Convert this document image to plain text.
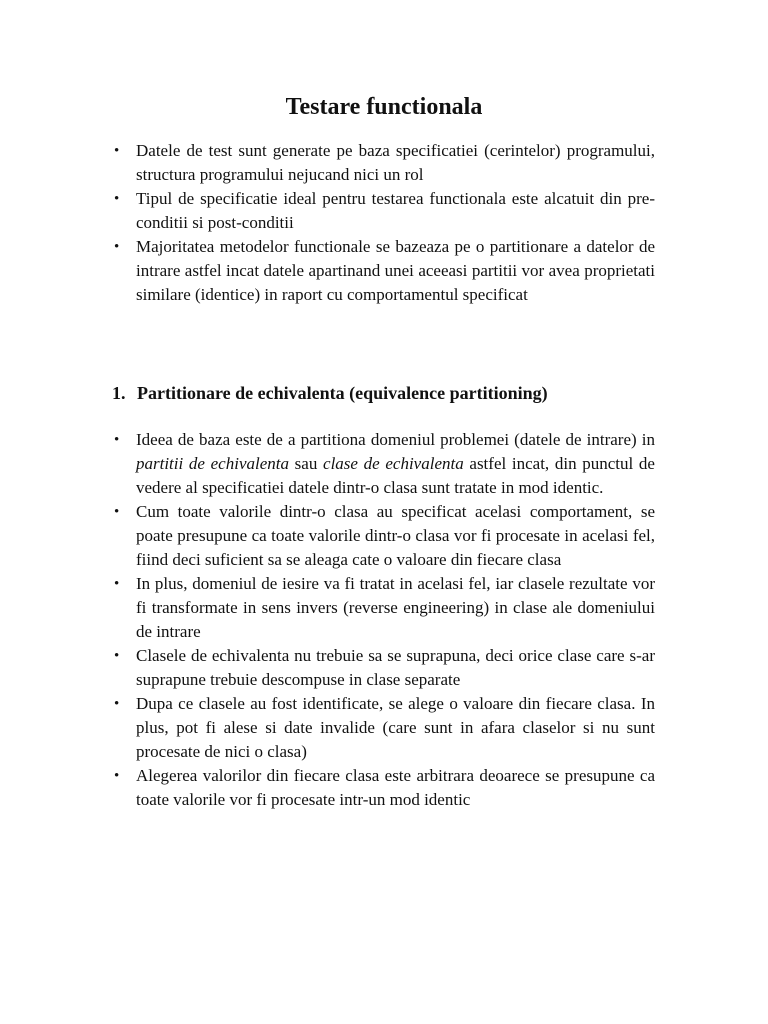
Testare functionala
• Datele de test sunt generate pe baza specificatiei (cerintelor) programului, structura programului nejucand nici un rol
• Tipul de specificatie ideal pentru testarea functionala este alcatuit din pre-conditii si post-conditii
• Majoritatea metodelor functionale se bazeaza pe o partitionare a datelor de intrare astfel incat datele apartinand unei aceeasi partitii vor avea proprietati similare (identice) in raport cu comportamentul specificat
1. Partitionare de echivalenta (equivalence partitioning)
• Ideea de baza este de a partitiona domeniul problemei (datele de intrare) in partitii de echivalenta sau clase de echivalenta astfel incat, din punctul de vedere al specificatiei datele dintr-o clasa sunt tratate in mod identic.
• Cum toate valorile dintr-o clasa au specificat acelasi comportament, se poate presupune ca toate valorile dintr-o clasa vor fi procesate in acelasi fel, fiind deci suficient sa se aleaga cate o valoare din fiecare clasa
• In plus, domeniul de iesire va fi tratat in acelasi fel, iar clasele rezultate vor fi transformate in sens invers (reverse engineering) in clase ale domeniului de intrare
• Clasele de echivalenta nu trebuie sa se suprapuna, deci orice clase care s-ar suprapune trebuie descompuse in clase separate
• Dupa ce clasele au fost identificate, se alege o valoare din fiecare clasa. In plus, pot fi alese si date invalide (care sunt in afara claselor si nu sunt procesate de nici o clasa)
• Alegerea valorilor din fiecare clasa este arbitrara deoarece se presupune ca toate valorile vor fi procesate intr-un mod identic
